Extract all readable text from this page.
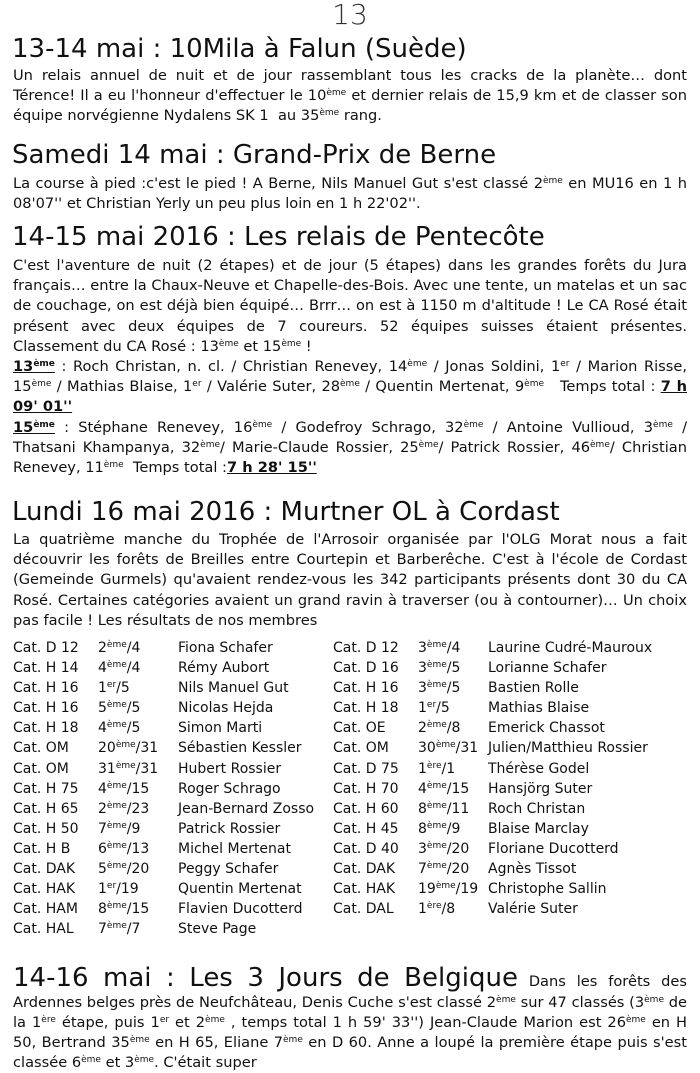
13
13-14 mai : 10Mila à Falun (Suède)

Un relais annuel de nuit et de jour rassemblant tous les cracks de la planète… dont Térence! Il a eu l'honneur d'effectuer le 10ème et dernier relais de 15,9 km et de classer son équipe norvégienne Nydalens SK 1  au 35ème rang.

Samedi 14 mai : Grand-Prix de Berne

La course à pied :c'est le pied ! A Berne, Nils Manuel Gut s'est classé 2ème en MU16 en 1 h 08'07'' et Christian Yerly un peu plus loin en 1 h 22'02''.

14-15 mai 2016 : Les relais de Pentecôte

C'est l'aventure de nuit (2 étapes) et de jour (5 étapes) dans les grandes forêts du Jura français… entre la Chaux-Neuve et Chapelle-des-Bois. Avec une tente, un matelas et un sac de couchage, on est déjà bien équipé… Brrr… on est à 1150 m d'altitude ! Le CA Rosé était présent avec deux équipes de 7 coureurs. 52 équipes suisses étaient présentes. Classement du CA Rosé : 13ème et 15ème !
13ème : Roch Christan, n. cl. / Christian Renevey, 14ème / Jonas Soldini, 1er / Marion Risse, 15ème / Mathias Blaise, 1er / Valérie Suter, 28ème / Quentin Mertenat, 9ème   Temps total : 7 h 09' 01''
15ème : Stéphane Renevey, 16ème / Godefroy Schrago, 32ème / Antoine Vullioud, 3ème / Thatsani Khampanya, 32ème/ Marie-Claude Rossier, 25ème/ Patrick Rossier, 46ème/ Christian Renevey, 11ème  Temps total :7 h 28' 15''

Lundi 16 mai 2016 : Murtner OL à Cordast

La quatrième manche du Trophée de l'Arrosoir organisée par l'OLG Morat nous a fait découvrir les forêts de Breilles entre Courtepin et Barberêche. C'est à l'école de Cordast (Gemeinde Gurmels) qu'avaient rendez-vous les 342 participants présents dont 30 du CA Rosé. Certaines catégories avaient un grand ravin à traverser (ou à contourner)… Un choix pas facile ! Les résultats de nos membres

Cat. D 12 2ème/4	Fiona Schafer	Cat. D 12 3ème/4 Laurine Cudré-Mauroux
Cat. H 14 4ème/4	Rémy Aubort	Cat. D 16 3ème/5 Lorianne Schafer
Cat. H 16 1er/5	Nils Manuel Gut	Cat. H 16 3ème/5 Bastien Rolle
Cat. H 16 5ème/5	Nicolas Hejda	Cat. H 18 1er/5	Mathias Blaise
Cat. H 18 4ème/5	Simon Marti	Cat. OE 2ème/8 Emerick Chassot
Cat. OM 20ème/31 Sébastien Kessler Cat. OM 30ème/31 Julien/Matthieu Rossier
Cat. OM 31ème/31 Hubert Rossier	Cat. D 75 1ère/1 Thérèse Godel
Cat. H 75 4ème/15 Roger Schrago	Cat. H 70 4ème/15 Hansjörg Suter
Cat. H 65 2ème/23 Jean-Bernard Zosso Cat. H 60 8ème/11 Roch Christan
Cat. H 50 7ème/9	Patrick Rossier	Cat. H 45 8ème/9 Blaise Marclay
Cat. H B 6ème/13 Michel Mertenat	Cat. D 40 3ème/20 Floriane Ducotterd
Cat. DAK 5ème/20 Peggy Schafer	Cat. DAK 7ème/20 Agnès Tissot
Cat. HAK 1er/19	Quentin Mertenat Cat. HAK 19ème/19 Christophe Sallin
Cat. HAM 8ème/15 Flavien Ducotterd Cat. DAL 1ère/8 Valérie Suter
Cat. HAL 7ème/7	Steve Page

14-16 mai : Les 3 Jours de Belgique Dans les forêts des Ardennes belges près de Neufchâteau, Denis Cuche s'est classé 2ème sur 47 classés (3ème de la 1ère étape, puis 1er et 2ème , temps total 1 h 59' 33'') Jean-Claude Marion est 26ème en H 50, Bertrand 35ème en H 65, Eliane 7ème en D 60. Anne a loupé la première étape puis s'est classée 6ème et 3ème. C'était super
